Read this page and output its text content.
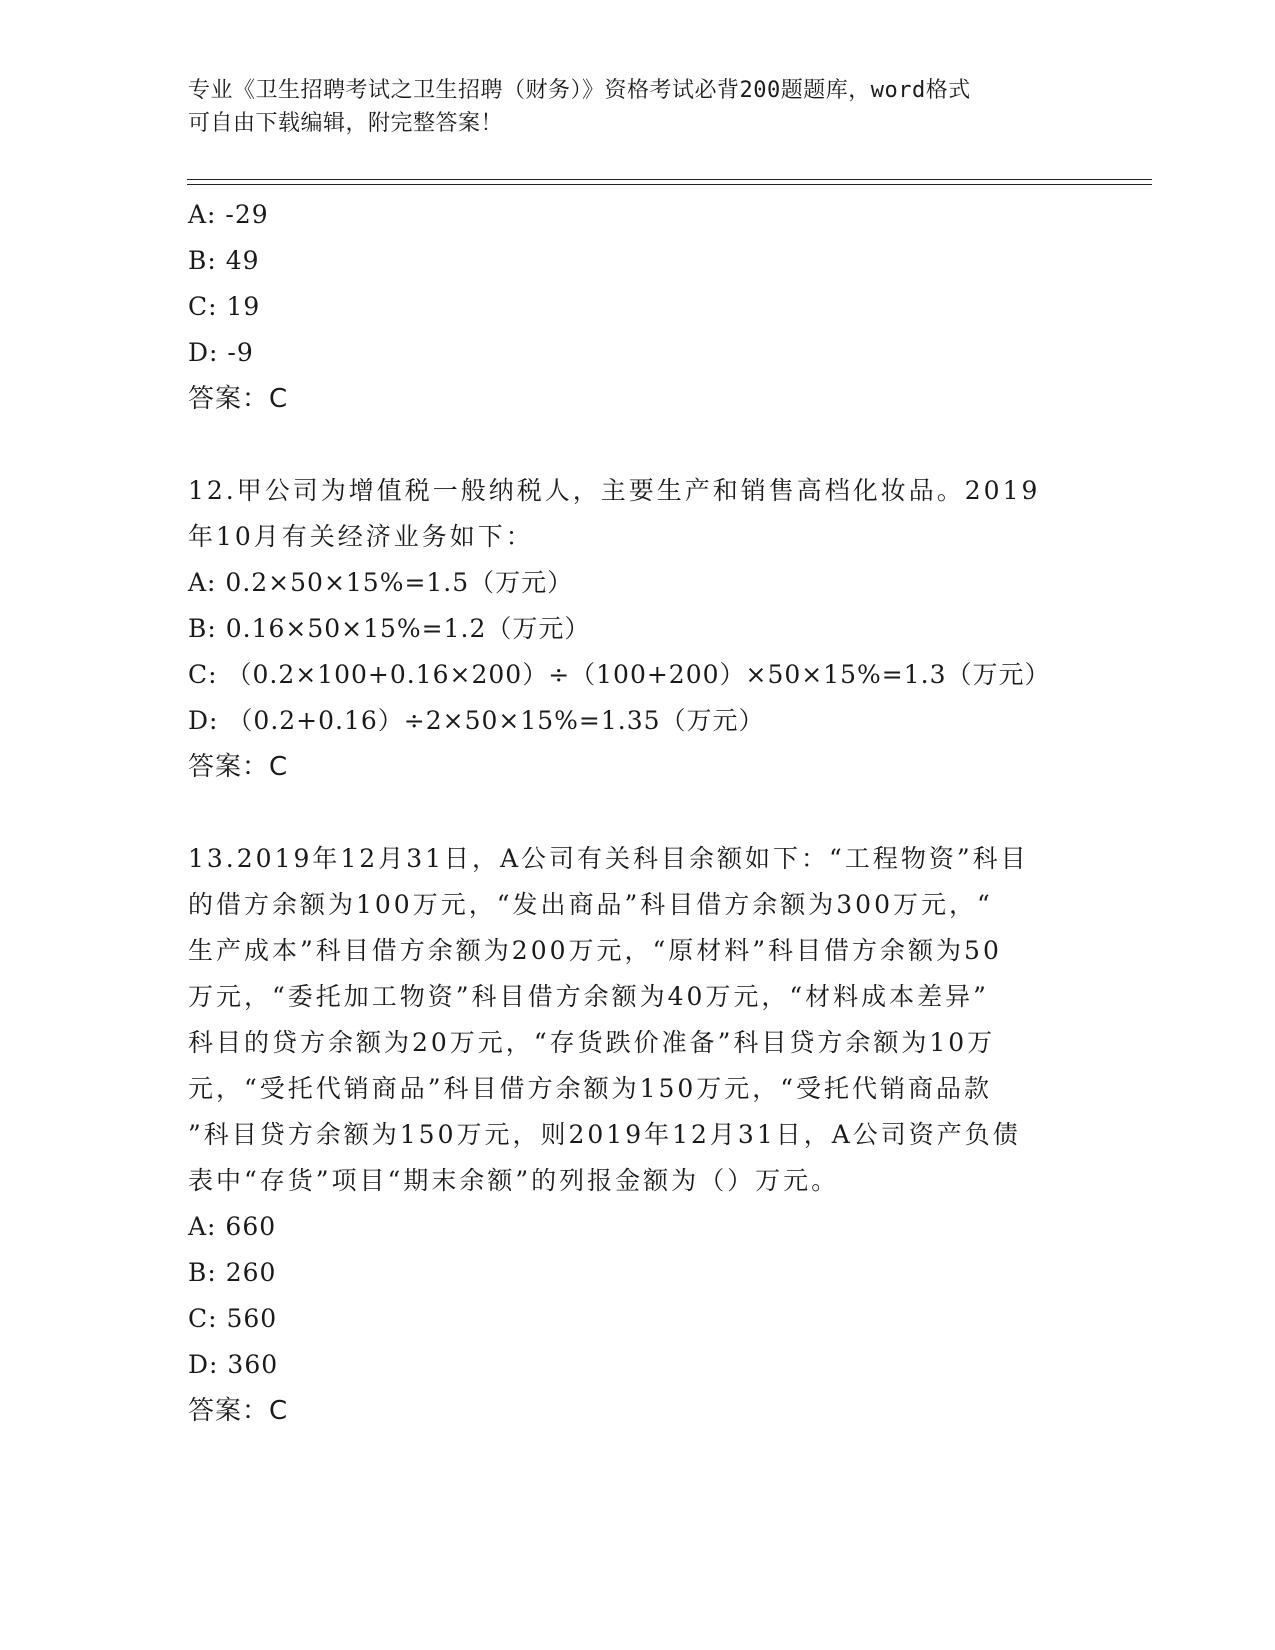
专业《卫生招聘考试之卫生招聘（财务）》资格考试必背200题题库，word格式
可自由下载编辑，附完整答案！
A: -29
B: 49
C: 19
D: -9
答案：C
12.甲公司为增值税一般纳税人，主要生产和销售高档化妆品。2019
年10月有关经济业务如下：
A: 0.2×50×15%=1.5（万元）
B: 0.16×50×15%=1.2（万元）
C: （0.2×100+0.16×200）÷（100+200）×50×15%=1.3（万元）
D: （0.2+0.16）÷2×50×15%=1.35（万元）
答案：C
13.2019年12月31日，A公司有关科目余额如下：“工程物资”科目
的借方余额为100万元，“发出商品”科目借方余额为300万元，“
生产成本”科目借方余额为200万元，“原材料”科目借方余额为50
万元，“委托加工物资”科目借方余额为40万元，“材料成本差异”
科目的贷方余额为20万元，“存货跌价准备”科目贷方余额为10万
元，“受托代销商品”科目借方余额为150万元，“受托代销商品款
”科目贷方余额为150万元，则2019年12月31日，A公司资产负债
表中“存货”项目“期末余额”的列报金额为（）万元。
A: 660
B: 260
C: 560
D: 360
答案：C
